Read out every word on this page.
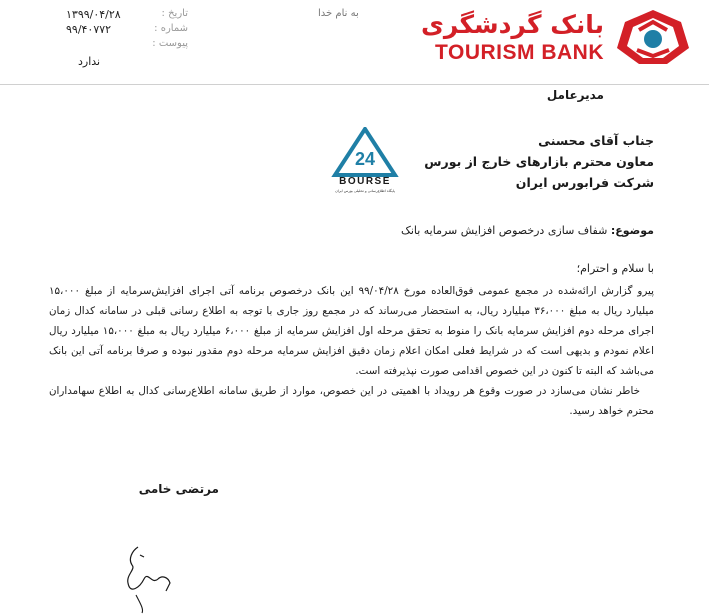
تاریخ :
۱۳۹۹/۰۴/۲۸
شماره :
۹۹/۴۰۷۷۲
پیوست :
ندارد
به نام خدا بانک گردشگری
TOURISM BANK
مدیرعامل
جناب آقای محسنی
معاون محترم بازارهای خارج از بورس
شرکت فرابورس ایران
24
BOURSE
پایگاه اطلاع‌رسانی و تحلیلی بورس ایران
موضوع: شفاف سازی درخصوص افزایش سرمایه بانک
با سلام و احترام؛

پیرو گزارش ارائه‌شده در مجمع عمومی فوق‌العاده مورخ ۹۹/۰۴/۲۸ این بانک درخصوص برنامه آتی اجرای افزایش‌سرمایه از مبلغ ۱۵،۰۰۰ میلیارد ریال به مبلغ ۳۶،۰۰۰ میلیارد ریال، به استحضار می‌رساند که در مجمع روز جاری با توجه به اطلاع رسانی قبلی در سامانه کدال زمان اجرای مرحله دوم افزایش سرمایه بانک را منوط به تحقق مرحله اول افزایش سرمایه از مبلغ ۶،۰۰۰ میلیارد ریال به مبلغ ۱۵،۰۰۰ میلیارد ریال اعلام نمودم و بدیهی است که در شرایط فعلی امکان اعلام زمان دقیق افزایش سرمایه مرحله دوم مقدور نبوده و صرفا برنامه آتی این بانک می‌باشد که البته تا کنون در این خصوص اقدامی صورت نپذیرفته است.

خاطر نشان می‌سازد در صورت وقوع هر رویداد با اهمیتی در این خصوص، موارد از طریق سامانه اطلاع‌رسانی کدال به اطلاع سهامداران محترم خواهد رسید.

مرتضی خامی
